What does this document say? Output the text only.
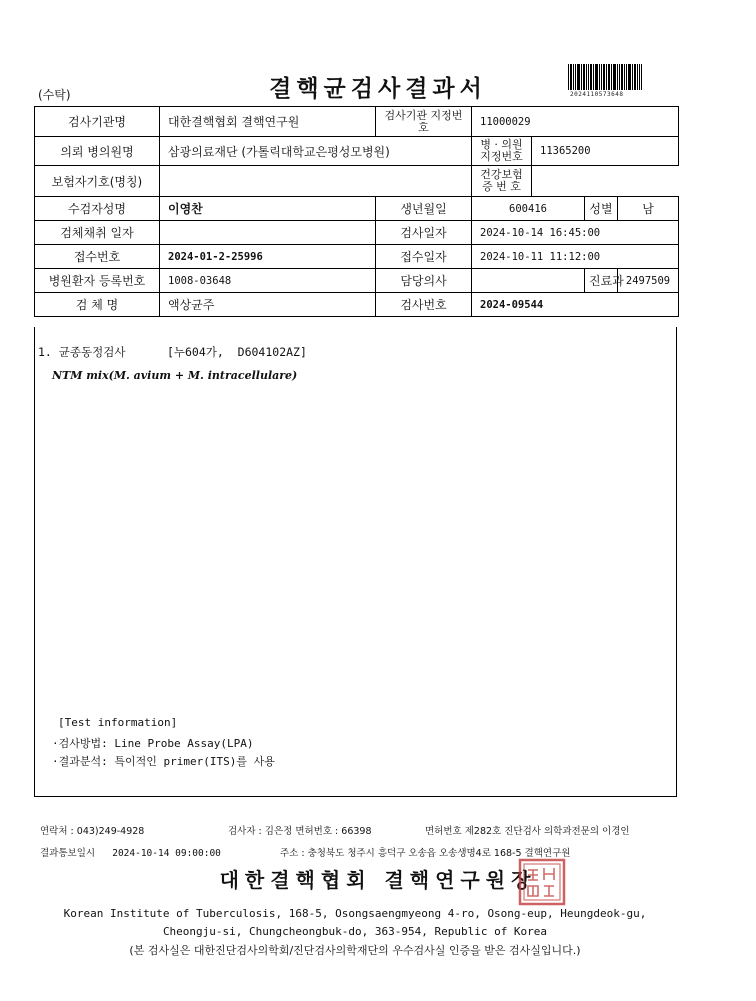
(수탁)	결핵균검사결과서	2024110573648
검사기관명	대한결핵협회 결핵연구원	검사기관 지정번호	11000029			
의뢰 병의원명	삼광의료재단 (가톨릭대학교은평성모병원)		병 · 의원 지정번호	11365200		
보험자기호(명칭)			건강보험 증 번 호			
수검자성명	이영찬	생년월일	600416		성별	남
검체채취 일자		검사일자	2024-10-14 16:45:00			
접수번호	2024-01-2-25996	접수일자	2024-10-11 11:12:00			
병원환자 등록번호	1008-03648	담당의사			진료과	2497509
검 체 명	액상균주	검사번호	2024-09544			
1. 균종동정검사      [누604가,  D604102AZ]
NTM mix(M. avium + M. intracellulare)
[Test information]
·검사방법: Line Probe Assay(LPA)
·결과분석: 특이적인 primer(ITS)를 사용
연락처 : 043)249-4928	검사자 : 김은정 면허번호 : 66398	면허번호 제282호 진단검사 의학과전문의 이경인
결과통보일시   2024-10-14 09:00:00	주소 : 충청북도 청주시 흥덕구 오송읍 오송생명4로 168-5 결핵연구원
대한결핵협회 결핵연구원장
Korean Institute of Tuberculosis, 168-5, Osongsaengmyeong 4-ro, Osong-eup, Heungdeok-gu,
Cheongju-si, Chungcheongbuk-do, 363-954, Republic of Korea
(본 검사실은 대한진단검사의학회/진단검사의학재단의 우수검사실 인증을 받은 검사실입니다.)
